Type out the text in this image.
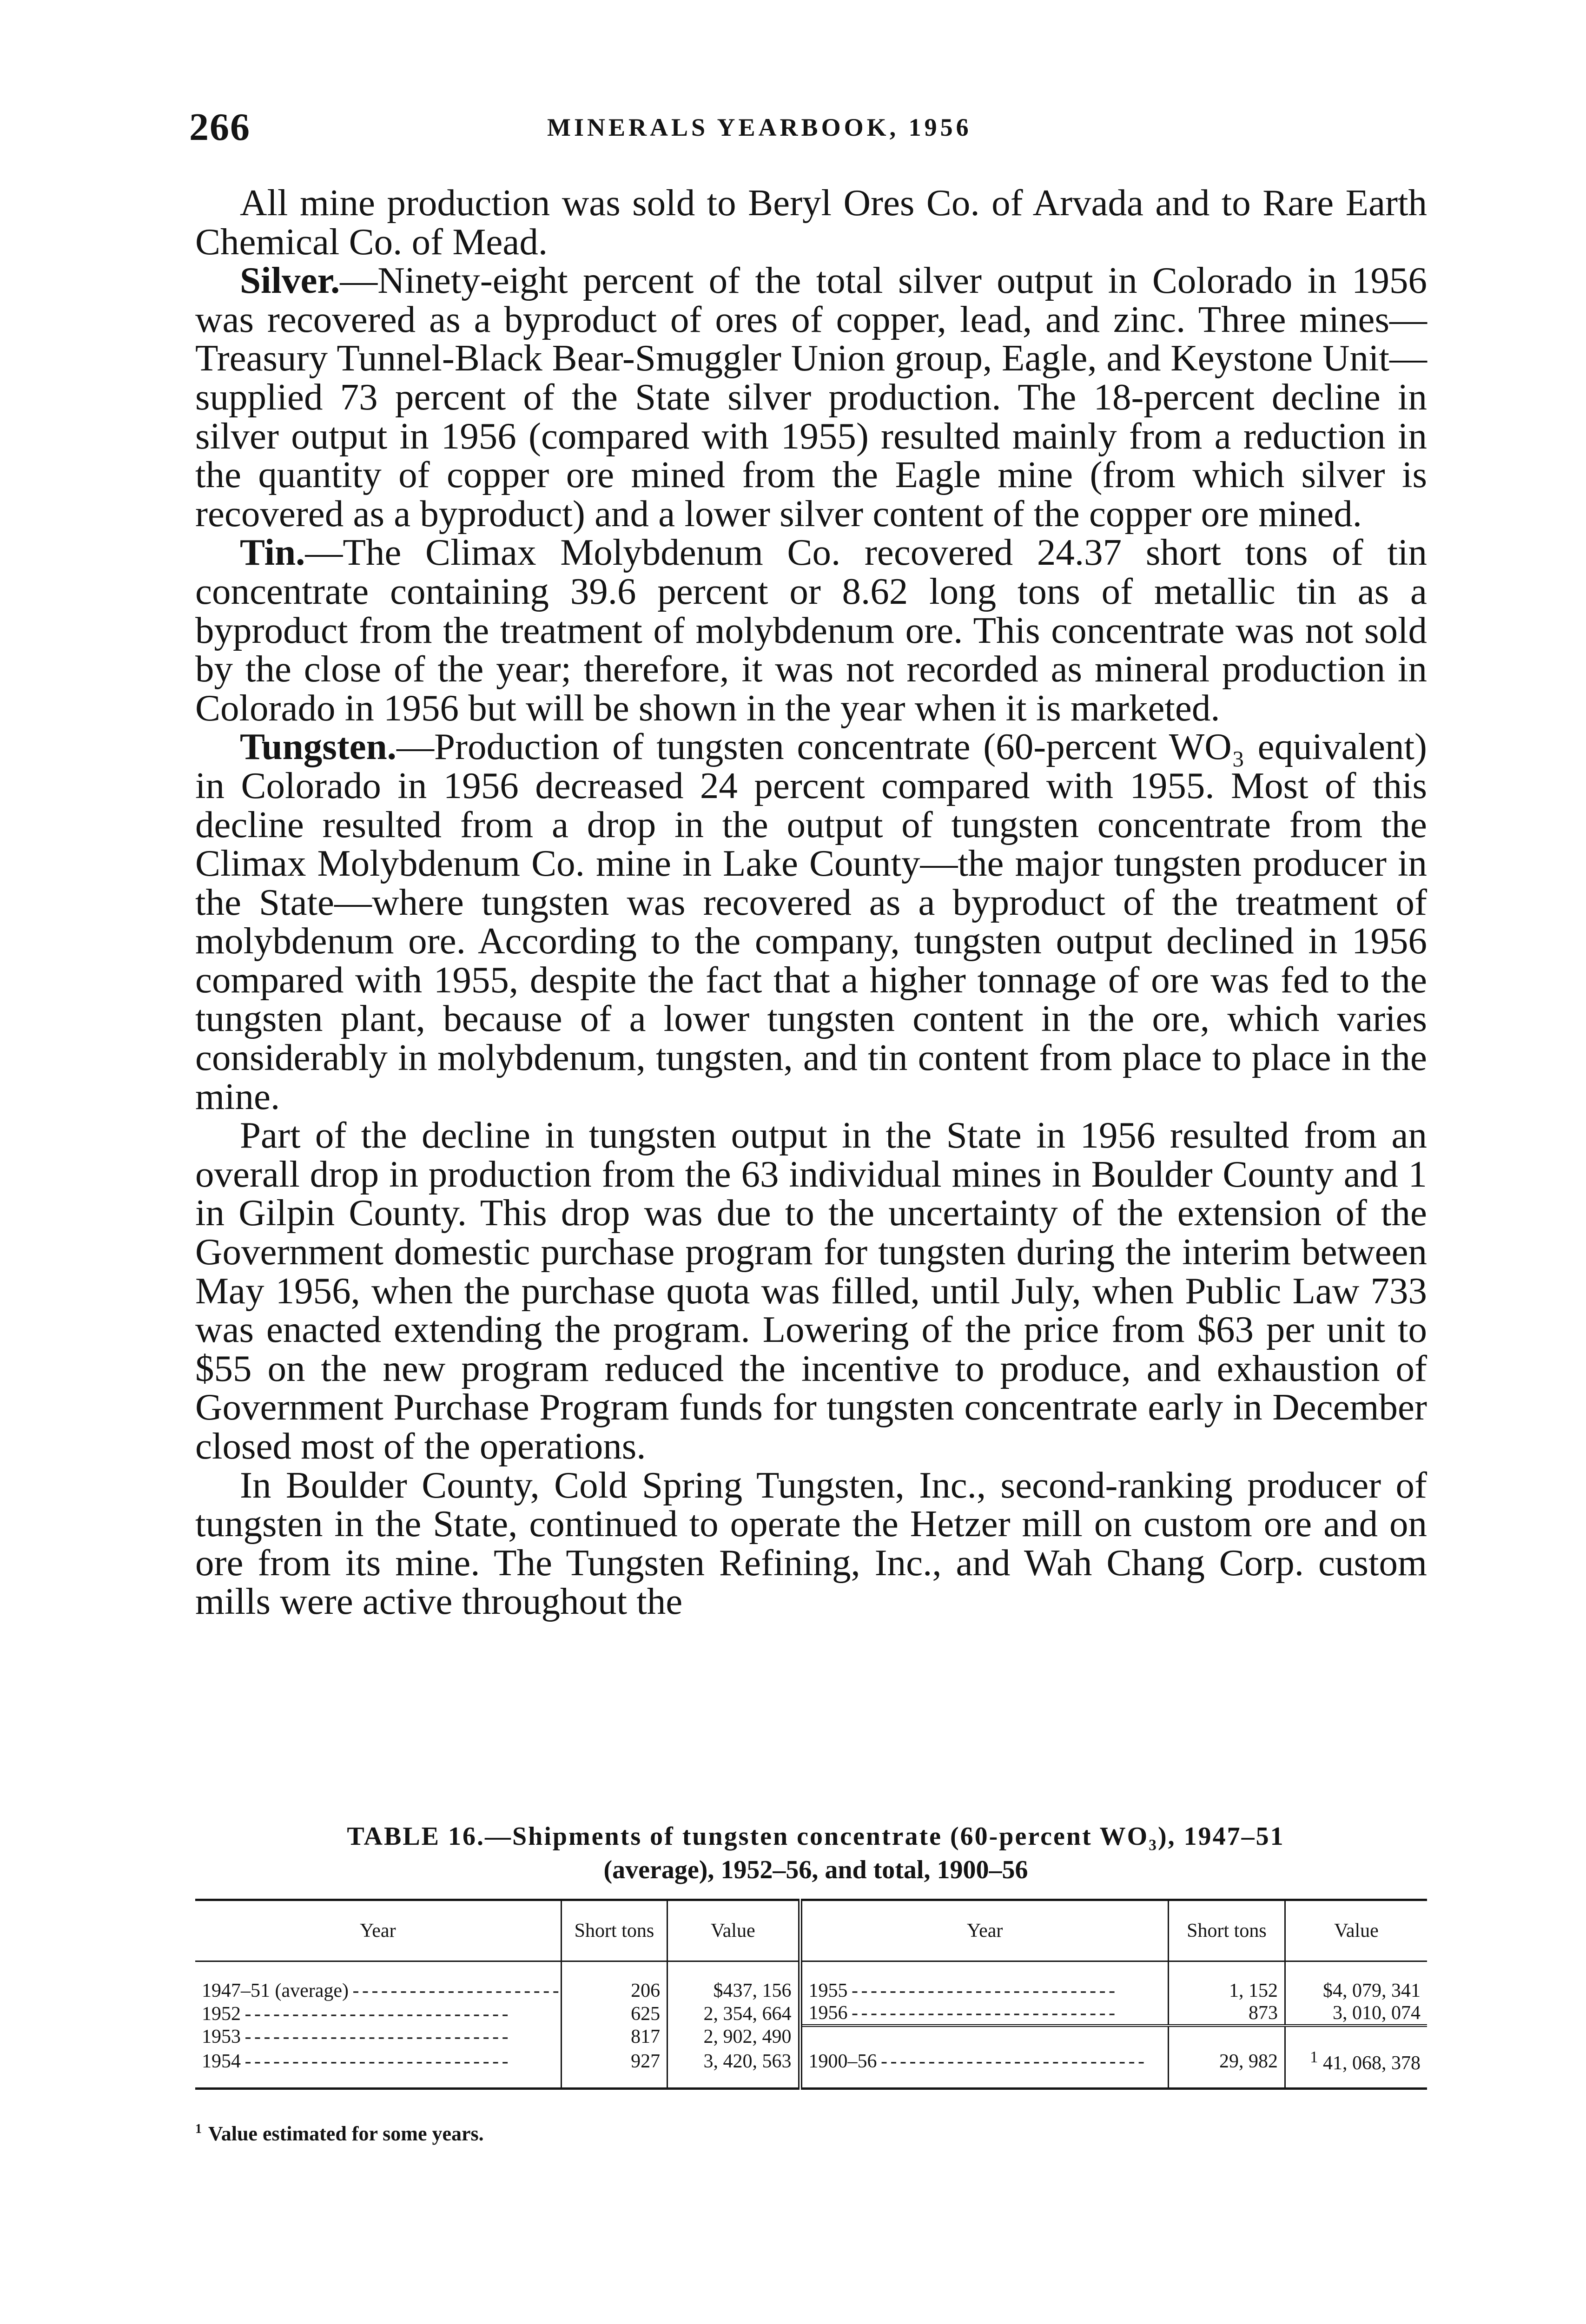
266	MINERALS YEARBOOK, 1956

All mine production was sold to Beryl Ores Co. of Arvada and to Rare Earth Chemical Co. of Mead.

Silver.—Ninety-eight percent of the total silver output in Colorado in 1956 was recovered as a byproduct of ores of copper, lead, and zinc. Three mines—Treasury Tunnel-Black Bear-Smuggler Union group, Eagle, and Keystone Unit—supplied 73 percent of the State silver production. The 18-percent decline in silver output in 1956 (compared with 1955) resulted mainly from a reduction in the quantity of copper ore mined from the Eagle mine (from which silver is recovered as a byproduct) and a lower silver content of the copper ore mined.

Tin.—The Climax Molybdenum Co. recovered 24.37 short tons of tin concentrate containing 39.6 percent or 8.62 long tons of metallic tin as a byproduct from the treatment of molybdenum ore. This concentrate was not sold by the close of the year; therefore, it was not recorded as mineral production in Colorado in 1956 but will be shown in the year when it is marketed.

Tungsten.—Production of tungsten concentrate (60-percent WO₃ equivalent) in Colorado in 1956 decreased 24 percent compared with 1955. Most of this decline resulted from a drop in the output of tungsten concentrate from the Climax Molybdenum Co. mine in Lake County—the major tungsten producer in the State—where tungsten was recovered as a byproduct of the treatment of molybdenum ore. According to the company, tungsten output declined in 1956 compared with 1955, despite the fact that a higher tonnage of ore was fed to the tungsten plant, because of a lower tungsten content in the ore, which varies considerably in molybdenum, tungsten, and tin content from place to place in the mine.

Part of the decline in tungsten output in the State in 1956 resulted from an overall drop in production from the 63 individual mines in Boulder County and 1 in Gilpin County. This drop was due to the uncertainty of the extension of the Government domestic purchase program for tungsten during the interim between May 1956, when the purchase quota was filled, until July, when Public Law 733 was enacted extending the program. Lowering of the price from $63 per unit to $55 on the new program reduced the incentive to produce, and exhaustion of Government Purchase Program funds for tungsten concentrate early in December closed most of the operations.

In Boulder County, Cold Spring Tungsten, Inc., second-ranking producer of tungsten in the State, continued to operate the Hetzer mill on custom ore and on ore from its mine. The Tungsten Refining, Inc., and Wah Chang Corp. custom mills were active throughout the

TABLE 16.—Shipments of tungsten concentrate (60-percent WO₃), 1947–51
(average), 1952–56, and total, 1900–56
Year	Short tons	Value	Year	Short tons	Value
1947–51 (average) - - -	206	$437, 156	1955 - - -	1, 152	$4, 079, 341
1952 - - -	625	2, 354, 664	1956 - - -	873	3, 010, 074
1953 - - -	817	2, 902, 490			
1954 - - -	927	3, 420, 563	1900–56 - - -	29, 982	$^1$ 41, 068, 378
$^1$ Value estimated for some years.
